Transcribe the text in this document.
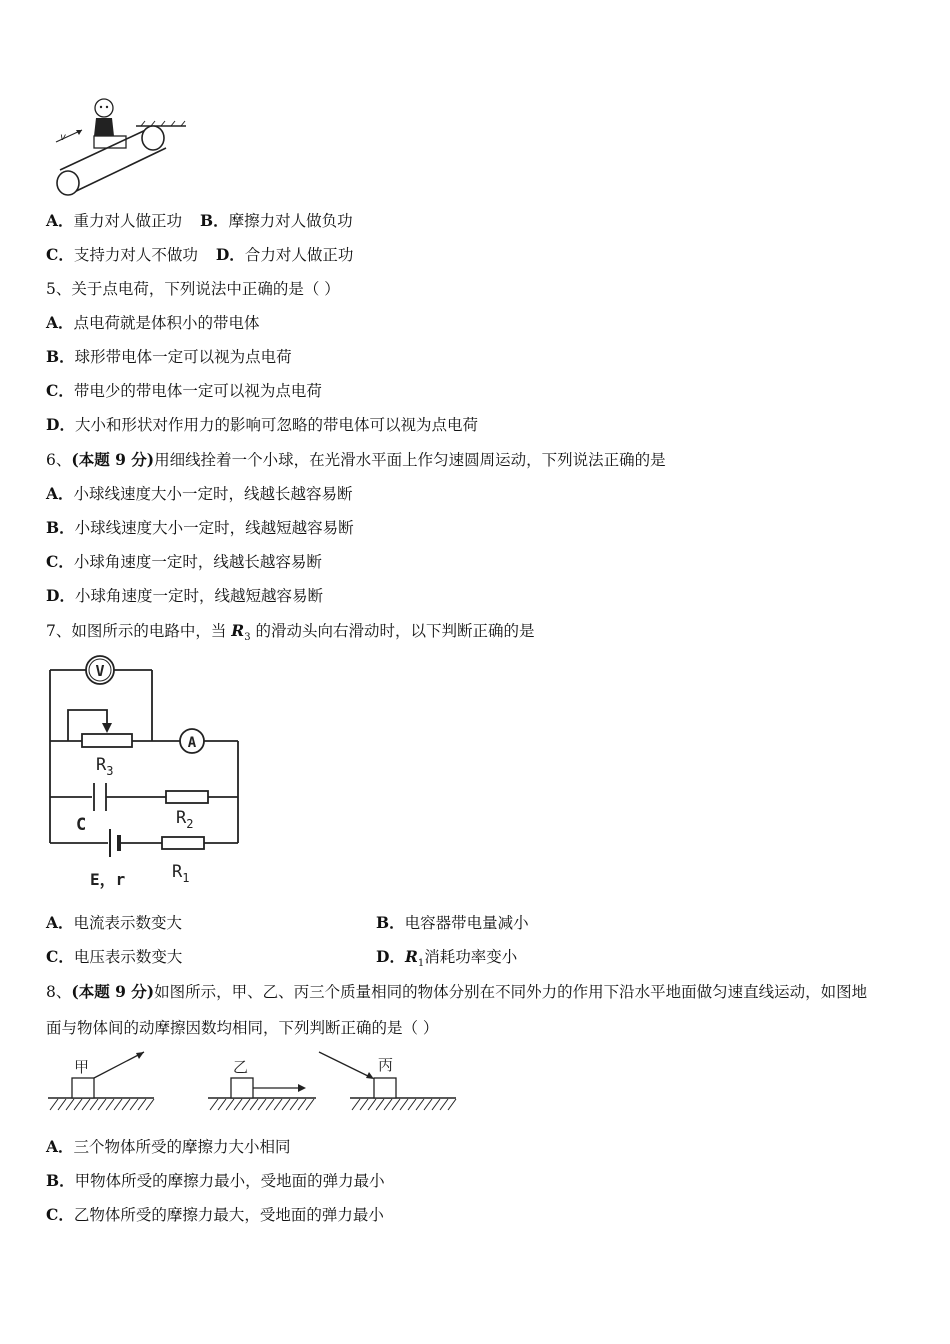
v
A．重力对人做正功 B．摩擦力对人做负功
C．支持力对人不做功 D．合力对人做正功
5、关于点电荷，下列说法中正确的是（ ）
A．点电荷就是体积小的带电体
B．球形带电体一定可以视为点电荷
C．带电少的带电体一定可以视为点电荷
D．大小和形状对作用力的影响可忽略的带电体可以视为点电荷
6、(本题 9 分)用细线拴着一个小球，在光滑水平面上作匀速圆周运动，下列说法正确的是
A．小球线速度大小一定时，线越长越容易断
B．小球线速度大小一定时，线越短越容易断
C．小球角速度一定时，线越长越容易断
D．小球角速度一定时，线越短越容易断
7、如图所示的电路中，当 $R_3$ 的滑动头向右滑动时，以下判断正确的是
V
A
$R_3$
C	$R_2$
E，r	$R_1$
A．电流表示数变大	B．电容器带电量减小
C．电压表示数变大	D．$R_1$消耗功率变小
8、(本题 9 分)如图所示，甲、乙、丙三个质量相同的物体分别在不同外力的作用下沿水平地面做匀速直线运动，如图地
面与物体间的动摩擦因数均相同，下列判断正确的是（ ）
甲	乙	丙
A．三个物体所受的摩擦力大小相同
B．甲物体所受的摩擦力最小，受地面的弹力最小
C．乙物体所受的摩擦力最大，受地面的弹力最小
